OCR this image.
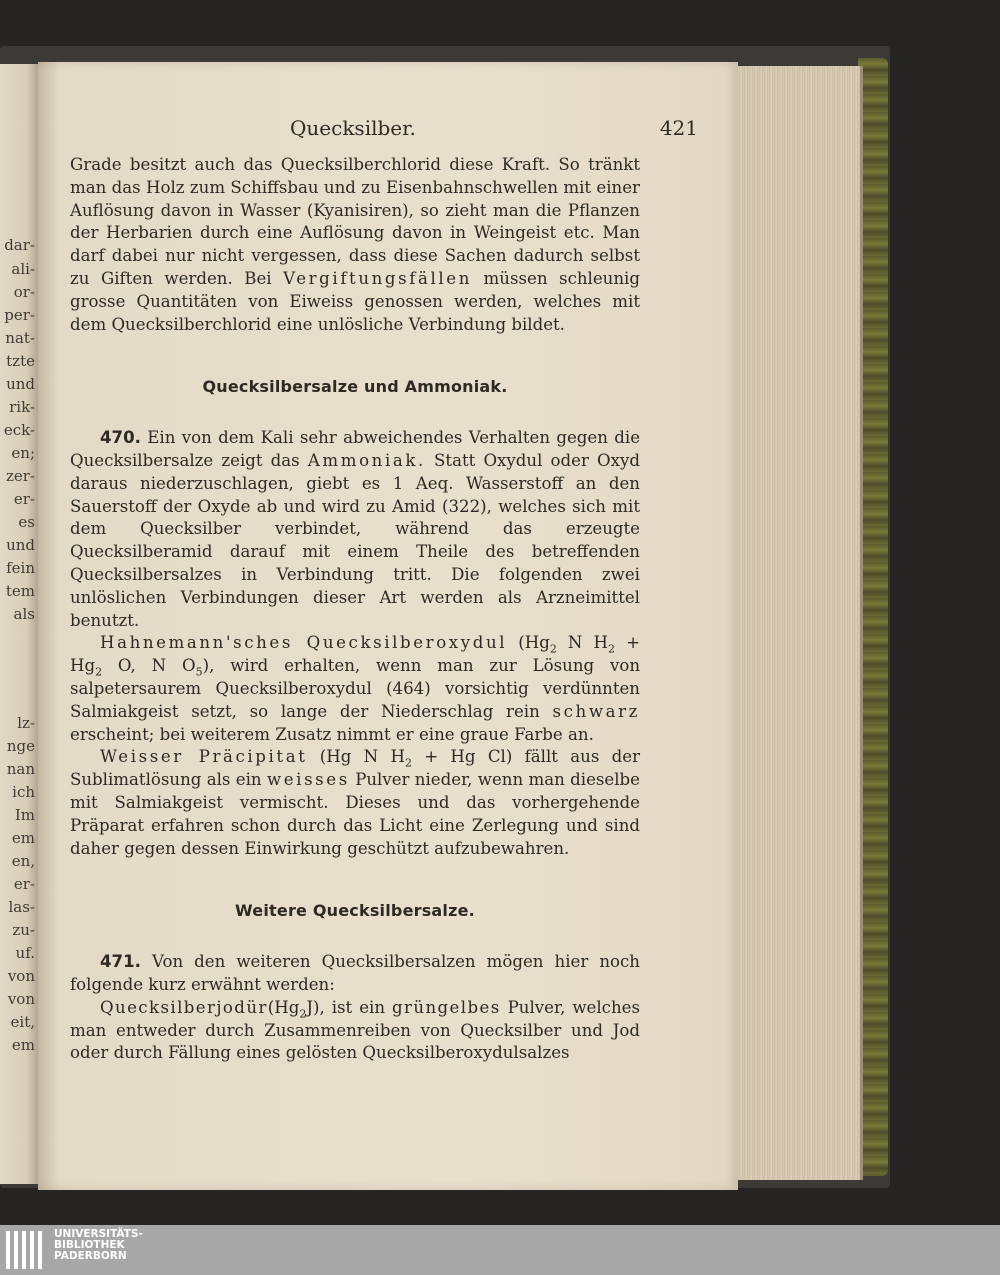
dar-
ali-
or-
per-
nat-
tzte
und
rik-
eck-
en;
zer-
er-
es
und
fein
tem
als
lz-
nge
nan
ich
Im
em
en,
er-
las-
zu-
uf.
von
von
eit,
em
Quecksilber.	421

Grade besitzt auch das Quecksilberchlorid diese Kraft. So tränkt man das Holz zum Schiffsbau und zu Eisenbahnschwellen mit einer Auflösung davon in Wasser (Kyanisiren), so zieht man die Pflanzen der Herbarien durch eine Auflösung davon in Weingeist etc. Man darf dabei nur nicht vergessen, dass diese Sachen dadurch selbst zu Giften werden. Bei Vergiftungsfällen müssen schleunig grosse Quantitäten von Eiweiss genossen werden, welches mit dem Quecksilberchlorid eine unlösliche Verbindung bildet.

Quecksilbersalze und Ammoniak.

470. Ein von dem Kali sehr abweichendes Verhalten gegen die Quecksilbersalze zeigt das Ammoniak. Statt Oxydul oder Oxyd daraus niederzuschlagen, giebt es 1 Aeq. Wasserstoff an den Sauerstoff der Oxyde ab und wird zu Amid (322), welches sich mit dem Quecksilber verbindet, während das erzeugte Quecksilberamid darauf mit einem Theile des betreffenden Quecksilbersalzes in Verbindung tritt. Die folgenden zwei unlöslichen Verbindungen dieser Art werden als Arzneimittel benutzt.

Hahnemann'sches Quecksilberoxydul ($Hg_2$ N $H_2 + Hg_2$ O, N $O_5$), wird erhalten, wenn man zur Lösung von salpetersaurem Quecksilberoxydul (464) vorsichtig verdünnten Salmiakgeist setzt, so lange der Niederschlag rein schwarz erscheint; bei weiterem Zusatz nimmt er eine graue Farbe an.

Weisser Präcipitat (Hg N $H_2 + Hg$ Cl) fällt aus der Sublimatlösung als ein weisses Pulver nieder, wenn man dieselbe mit Salmiakgeist vermischt. Dieses und das vorhergehende Präparat erfahren schon durch das Licht eine Zerlegung und sind daher gegen dessen Einwirkung geschützt aufzubewahren.

Weitere Quecksilbersalze.

471. Von den weiteren Quecksilbersalzen mögen hier noch folgende kurz erwähnt werden:

$Quecksilberjodür(Hg_2J)$, ist ein grüngelbes Pulver, welches man entweder durch Zusammenreiben von Quecksilber und Jod oder durch Fällung eines gelösten Quecksilberoxydulsalzes

UNIVERSITÄTS-
BIBLIOTHEK
PADERBORN
